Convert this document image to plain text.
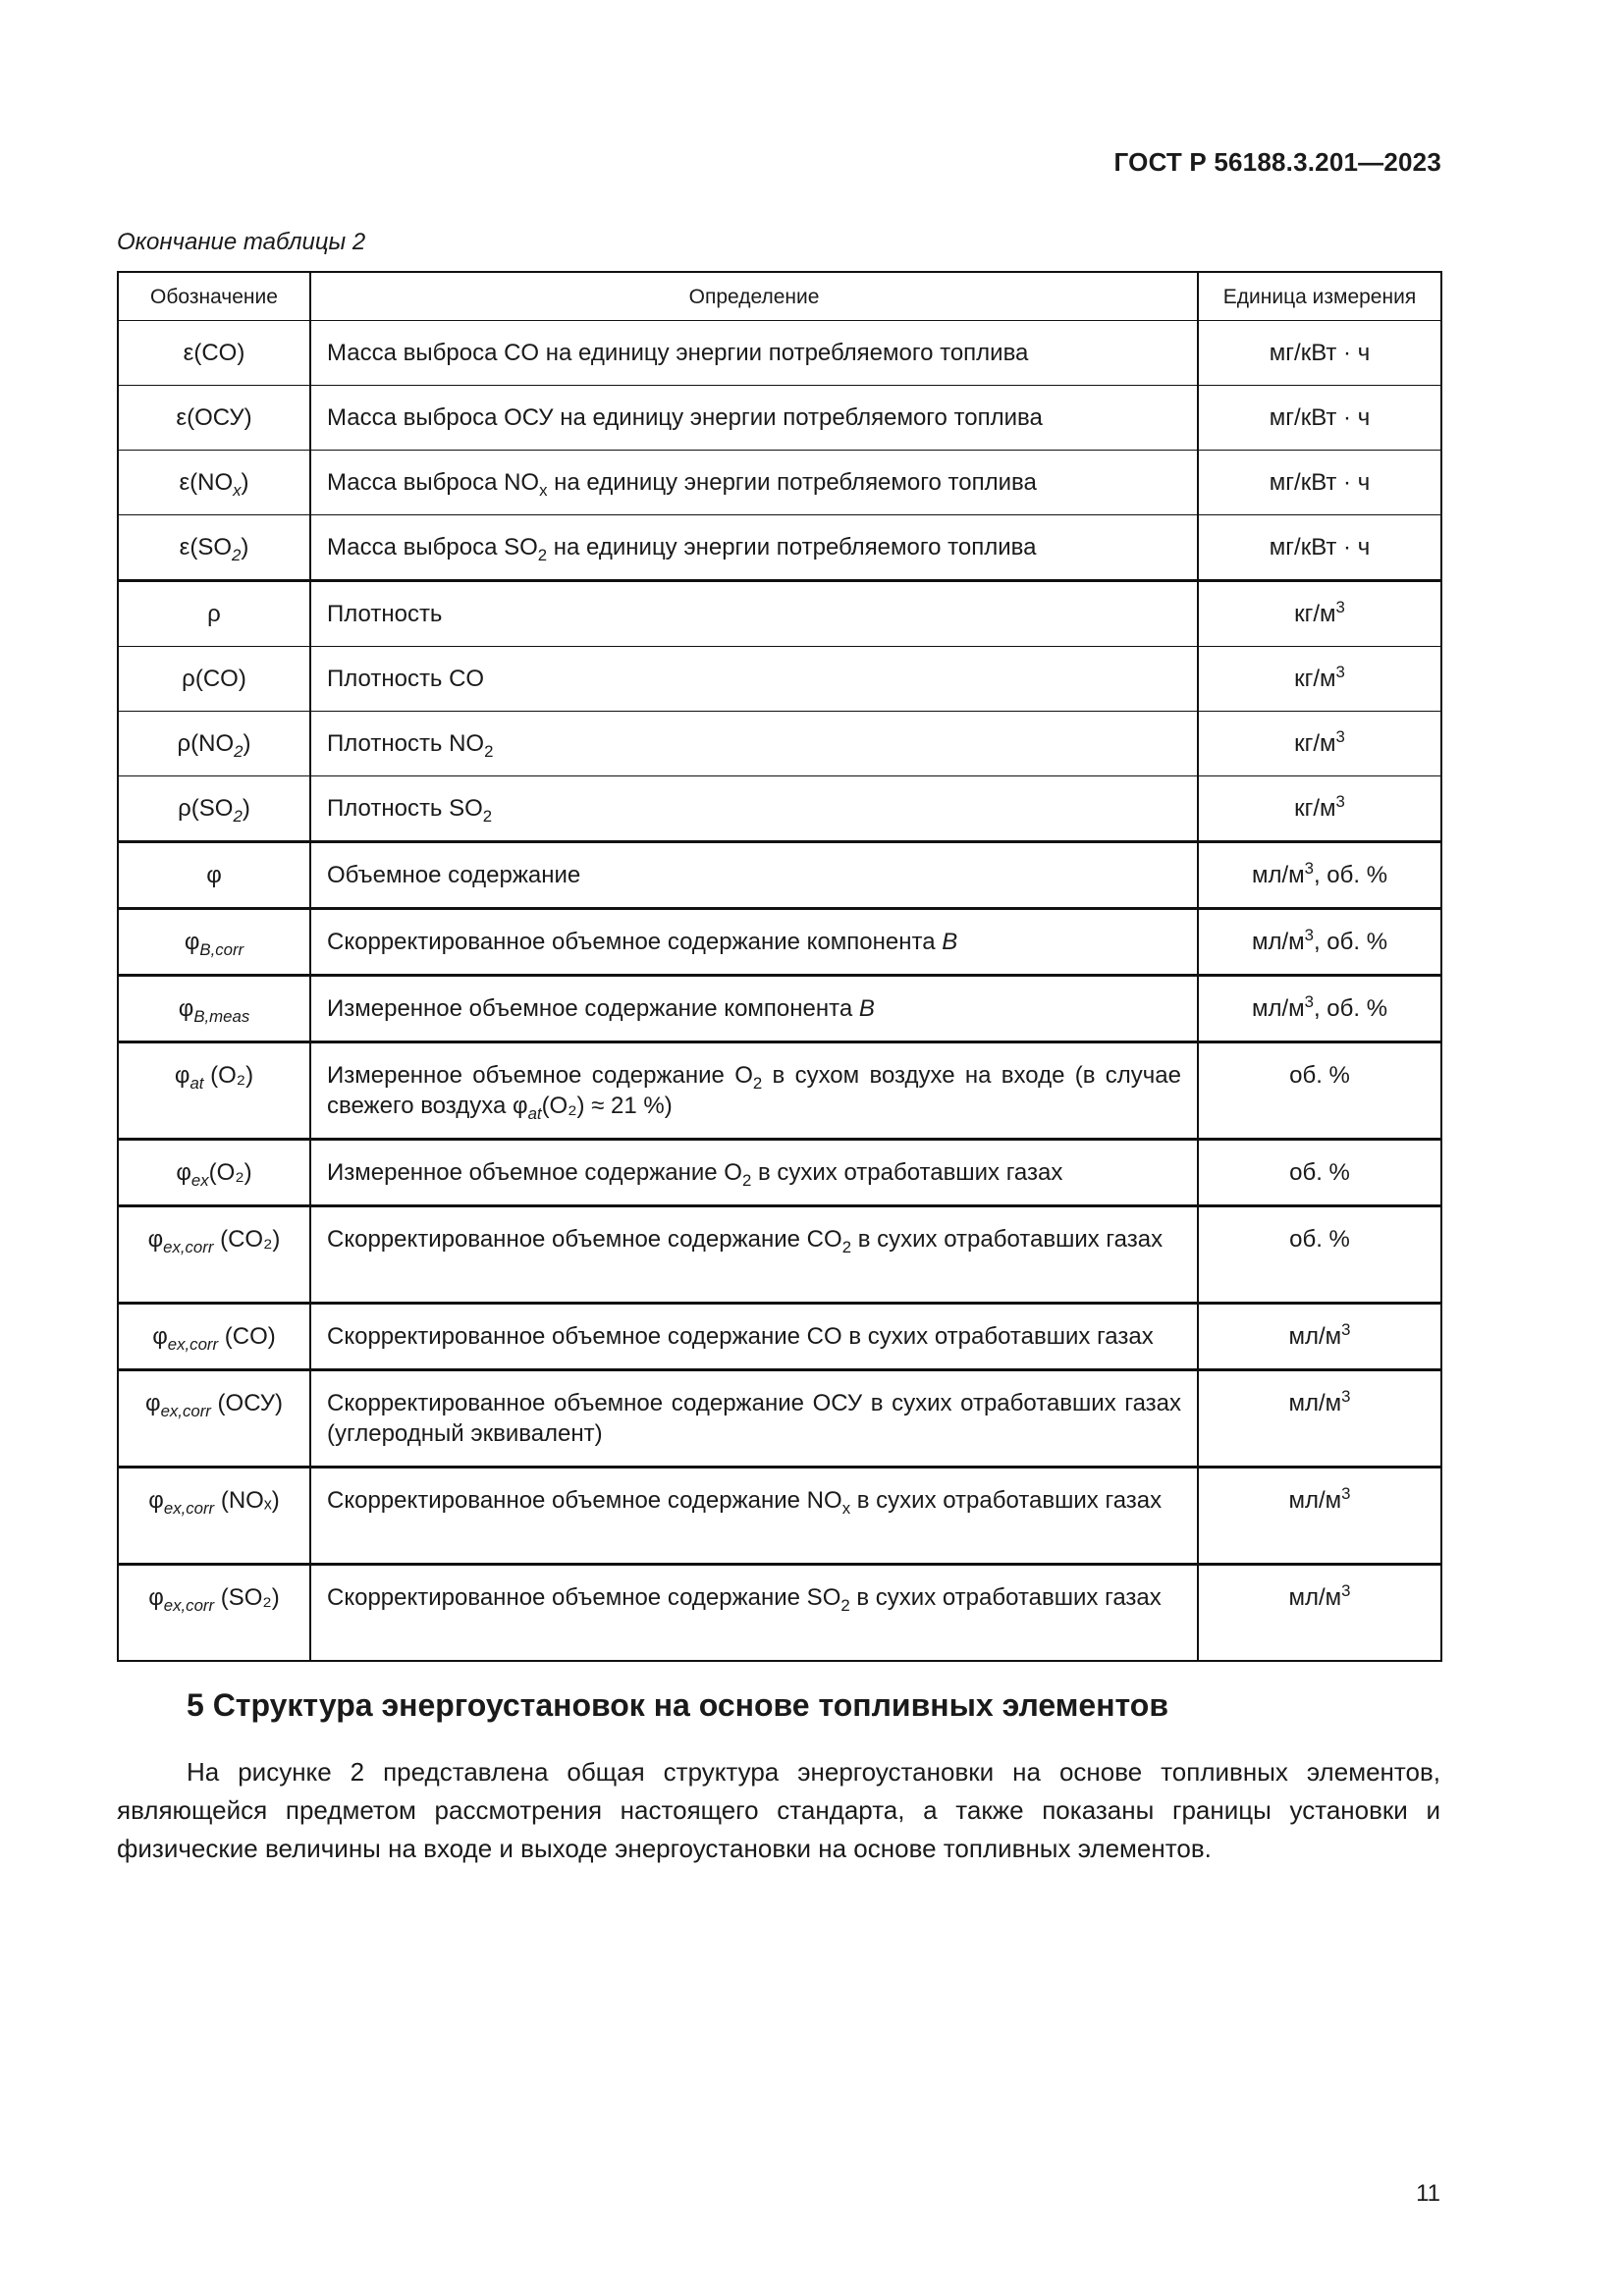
ГОСТ Р 56188.3.201—2023
Окончание таблицы 2
Обозначение	Определение	Единица измерения
ε(CO)	Масса выброса CO на единицу энергии потребляемого топлива	мг/кВт · ч
ε(ОСУ)	Масса выброса ОСУ на единицу энергии потребляемого топлива	мг/кВт · ч
$\varepsilon(NO_x)$	Масса выброса $NO_x$ на единицу энергии потребляемого топлива	мг/кВт · ч
$\varepsilon(SO_2)$	Масса выброса $SO_2$ на единицу энергии потребляемого топлива	мг/кВт · ч
ρ	Плотность	$кг/м^3$
ρ(CO)	Плотность CO	$кг/м^3$
$\rho(NO_2)$	Плотность $NO_2$	$кг/м^3$
$\rho(SO_2)$	Плотность $SO_2$	$кг/м^3$
φ	Объемное содержание	$мл/м^3$, об. %
$\varphi_{B,corr}$	Скорректированное объемное содержание компонента B	$мл/м^3$, об. %
$\varphi_{B,meas}$	Измеренное объемное содержание компонента B	$мл/м^3$, об. %
$\varphi_{at}$ (O₂)	Измеренное объемное содержание $O_2$ в сухом воздухе на входе (в случае свежего воздуха $\varphi_{at}(O_2) \approx 21$ %)	об. %
$\varphi_{ex}(O_2)$	Измеренное объемное содержание $O_2$ в сухих отработавших газах	об. %
$\varphi_{ex,corr}$ (CO₂)	Скорректированное объемное содержание $CO_2$ в сухих отработавших газах	об. %
$\varphi_{ex,corr}$ (CO)	Скорректированное объемное содержание CO в сухих отработавших газах	$мл/м^3$
$\varphi_{ex,corr}$ (ОСУ)	Скорректированное объемное содержание ОСУ в сухих отработавших газах (углеродный эквивалент)	$мл/м^3$
$\varphi_{ex,corr}$ (NOₓ)	Скорректированное объемное содержание $NO_x$ в сухих отработавших газах	$мл/м^3$
$\varphi_{ex,corr}$ (SO₂)	Скорректированное объемное содержание $SO_2$ в сухих отработавших газах	$мл/м^3$
5 Структура энергоустановок на основе топливных элементов

На рисунке 2 представлена общая структура энергоустановки на основе топливных элементов, являющейся предметом рассмотрения настоящего стандарта, а также показаны границы установки и физические величины на входе и выходе энергоустановки на основе топливных элементов.

11
